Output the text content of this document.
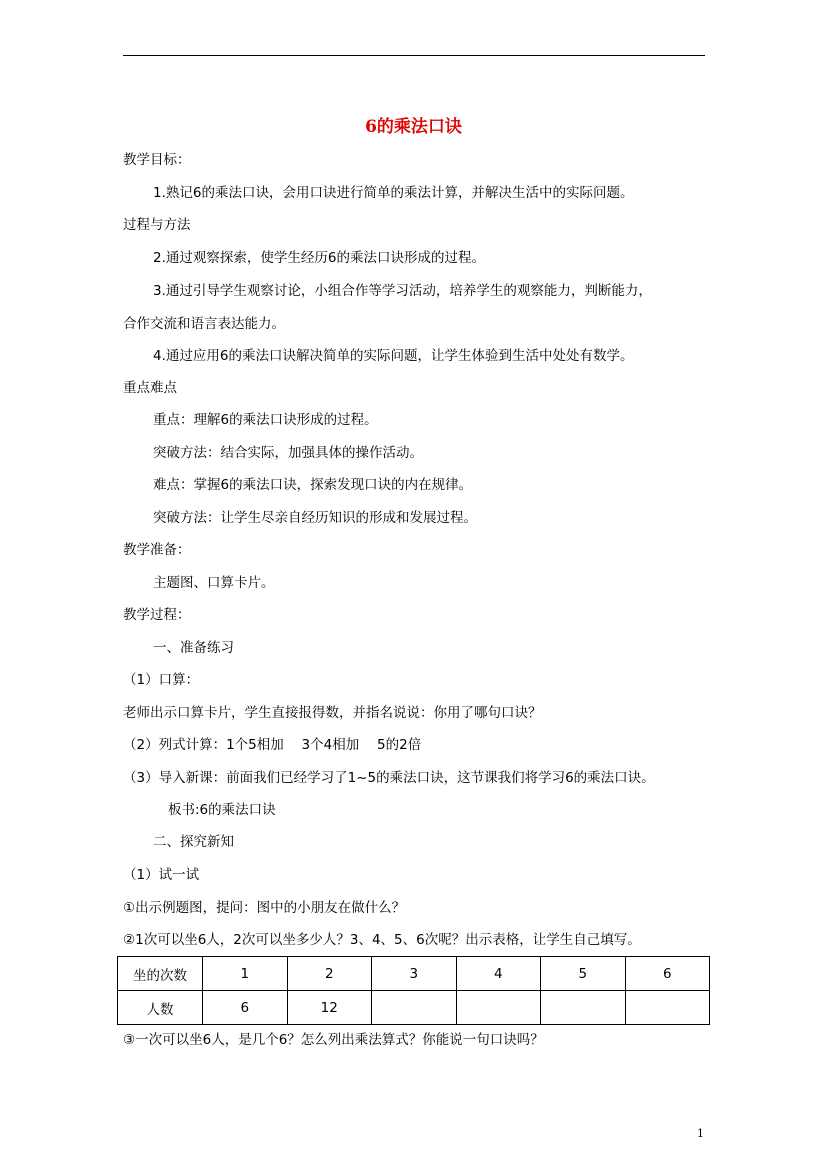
6的乘法口诀
教学目标：
1.熟记6的乘法口诀，会用口诀进行简单的乘法计算，并解决生活中的实际问题。
过程与方法
2.通过观察探索，使学生经历6的乘法口诀形成的过程。
3.通过引导学生观察讨论，小组合作等学习活动，培养学生的观察能力，判断能力，
合作交流和语言表达能力。
4.通过应用6的乘法口诀解决简单的实际问题，让学生体验到生活中处处有数学。
重点难点
重点：理解6的乘法口诀形成的过程。
突破方法：结合实际，加强具体的操作活动。
难点：掌握6的乘法口诀，探索发现口诀的内在规律。
突破方法：让学生尽亲自经历知识的形成和发展过程。
教学准备：
主题图、口算卡片。
教学过程：
一、准备练习
（1）口算：
老师出示口算卡片，学生直接报得数，并指名说说：你用了哪句口诀？
（2）列式计算：1个5相加　 3个4相加 　5的2倍
（3）导入新课：前面我们已经学习了1~5的乘法口诀，这节课我们将学习6的乘法口诀。
板书:6的乘法口诀
二、探究新知
（1）试一试
①出示例题图，提问：图中的小朋友在做什么？
②1次可以坐6人，2次可以坐多少人？3、4、5、6次呢？出示表格，让学生自己填写。
坐的次数	1	2	3	4	5	6
人数	6	12				
③一次可以坐6人，是几个6？怎么列出乘法算式？你能说一句口诀吗？
1
